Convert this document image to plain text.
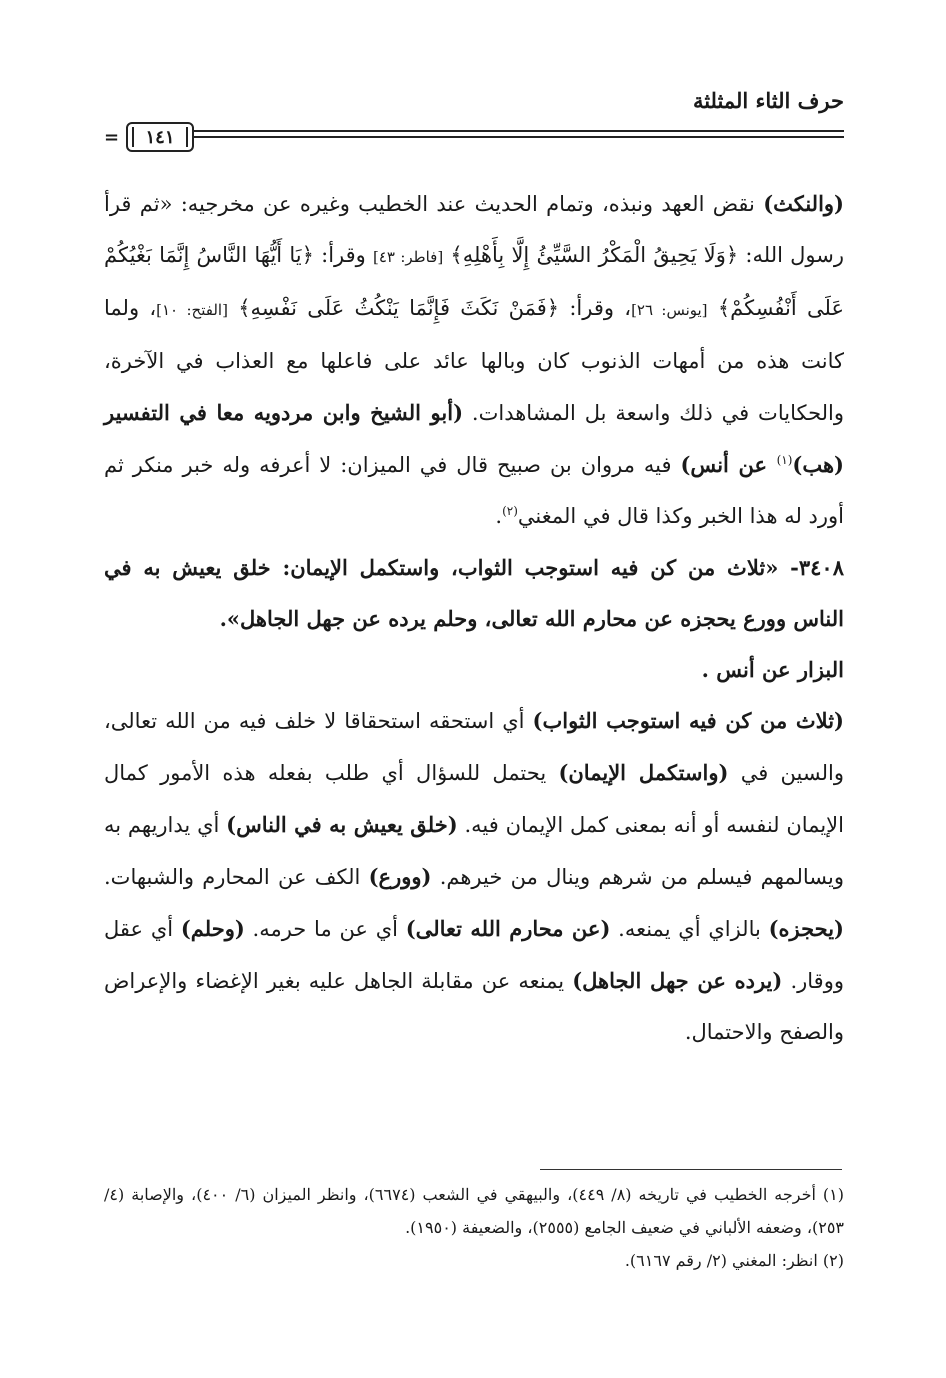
حرف الثاء المثلثة
=	١٤١

(والنكث) نقض العهد ونبذه، وتمام الحديث عند الخطيب وغيره عن مخرجيه: «ثم قرأ رسول الله: ﴿وَلَا يَحِيقُ الْمَكْرُ السَّيِّئُ إِلَّا بِأَهْلِهِ﴾ [فاطر: ٤٣] وقرأ: ﴿يَا أَيُّهَا النَّاسُ إِنَّمَا بَغْيُكُمْ عَلَى أَنْفُسِكُمْ﴾ [يونس: ٢٦]، وقرأ: ﴿فَمَنْ نَكَثَ فَإِنَّمَا يَنْكُثُ عَلَى نَفْسِهِ﴾ [الفتح: ١٠]، ولما كانت هذه من أمهات الذنوب كان وبالها عائد على فاعلها مع العذاب في الآخرة، والحكايات في ذلك واسعة بل المشاهدات. (أبو الشيخ وابن مردويه معا في التفسير (هب)$^{(١)}$ عن أنس) فيه مروان بن صبيح قال في الميزان: لا أعرفه وله خبر منكر ثم أورد له هذا الخبر وكذا قال في المغني$^{(٢)}$.

٣٤٠٨- «ثلاث من كن فيه استوجب الثواب، واستكمل الإيمان: خلق يعيش به في الناس وورع يحجزه عن محارم الله تعالى، وحلم يرده عن جهل الجاهل».

البزار عن أنس .

(ثلاث من كن فيه استوجب الثواب) أي استحقه استحقاقا لا خلف فيه من الله تعالى، والسين في (واستكمل الإيمان) يحتمل للسؤال أي طلب بفعله هذه الأمور كمال الإيمان لنفسه أو أنه بمعنى كمل الإيمان فيه. (خلق يعيش به في الناس) أي يداريهم به ويسالمهم فيسلم من شرهم وينال من خيرهم. (وورع) الكف عن المحارم والشبهات. (يحجزه) بالزاي أي يمنعه. (عن محارم الله تعالى) أي عن ما حرمه. (وحلم) أي عقل ووقار. (يرده عن جهل الجاهل) يمنعه عن مقابلة الجاهل عليه بغير الإغضاء والإعراض والصفح والاحتمال.

(١) أخرجه الخطيب في تاريخه (٨/ ٤٤٩)، والبيهقي في الشعب (٦٦٧٤)، وانظر الميزان (٦/ ٤٠٠)، والإصابة (٤/ ٢٥٣)، وضعفه الألباني في ضعيف الجامع (٢٥٥٥)، والضعيفة (١٩٥٠).

(٢) انظر: المغني (٢/ رقم ٦١٦٧).
